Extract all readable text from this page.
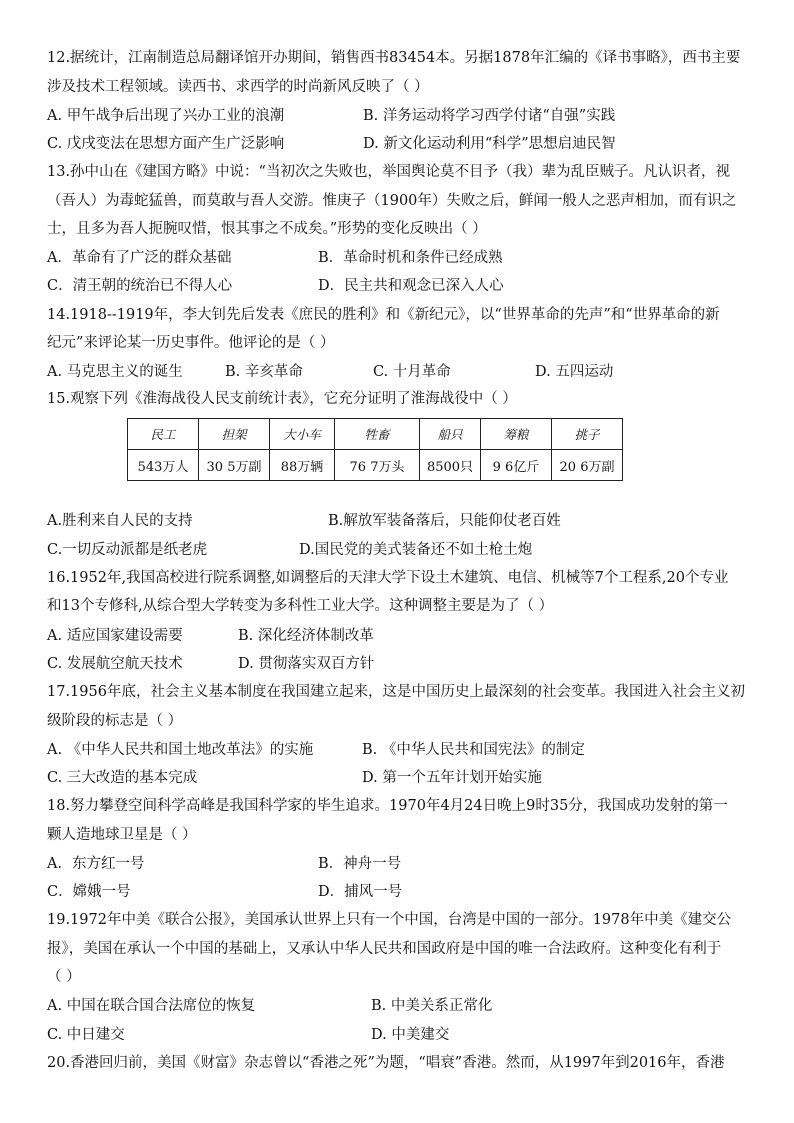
12.据统计，江南制造总局翻译馆开办期间，销售西书83454本。另据1878年汇编的《译书事略》，西书主要
涉及技术工程领域。读西书、求西学的时尚新风反映了（ ）
A. 甲午战争后出现了兴办工业的浪潮	B. 洋务运动将学习西学付诸“自强”实践
C. 戊戌变法在思想方面产生广泛影响	D. 新文化运动利用“科学”思想启迪民智
13.孙中山在《建国方略》中说：“当初次之失败也，举国舆论莫不目予（我）辈为乱臣贼子。凡认识者，视
（吾人）为毒蛇猛兽，而莫敢与吾人交游。惟庚子（1900年）失败之后，鲜闻一般人之恶声相加，而有识之
士，且多为吾人扼腕叹惜，恨其事之不成矣。”形势的变化反映出（ ）
A．革命有了广泛的群众基础	B．革命时机和条件已经成熟
C．清王朝的统治已不得人心	D．民主共和观念已深入人心
14.1918--1919年，李大钊先后发表《庶民的胜利》和《新纪元》，以“世界革命的先声”和“世界革命的新
纪元”来评论某一历史事件。他评论的是（ ）
A. 马克思主义的诞生	B. 辛亥革命	C. 十月革命	D. 五四运动
15.观察下列《淮海战役人民支前统计表》，它充分证明了淮海战役中（ ）
民工	担架	大小车	牲畜	船只	筹粮	挑子
543万人	30 5万副	88万辆	76 7万头	8500只	9 6亿斤	20 6万副
A.胜利来自人民的支持	B.解放军装备落后，只能仰仗老百姓
C.一切反动派都是纸老虎	D.国民党的美式装备还不如土枪土炮
16.1952年,我国高校进行院系调整,如调整后的天津大学下设土木建筑、电信、机械等7个工程系,20个专业
和13个专修科,从综合型大学转变为多科性工业大学。这种调整主要是为了（ ）
A. 适应国家建设需要	B. 深化经济体制改革
C. 发展航空航天技术	D. 贯彻落实双百方针
17.1956年底，社会主义基本制度在我国建立起来，这是中国历史上最深刻的社会变革。我国进入社会主义初
级阶段的标志是（ ）
A. 《中华人民共和国土地改革法》的实施	B. 《中华人民共和国宪法》的制定
C. 三大改造的基本完成	D. 第一个五年计划开始实施
18.努力攀登空间科学高峰是我国科学家的毕生追求。1970年4月24日晚上9时35分，我国成功发射的第一
颗人造地球卫星是（ ）
A．东方红一号	B．神舟一号
C．嫦娥一号	D．捕风一号
19.1972年中美《联合公报》，美国承认世界上只有一个中国，台湾是中国的一部分。1978年中美《建交公
报》，美国在承认一个中国的基础上，又承认中华人民共和国政府是中国的唯一合法政府。这种变化有利于
（ ）
A. 中国在联合国合法席位的恢复	B. 中美关系正常化
C. 中日建交	D. 中美建交
20.香港回归前，美国《财富》杂志曾以“香港之死”为题，“唱衰”香港。然而，从1997年到2016年，香港
